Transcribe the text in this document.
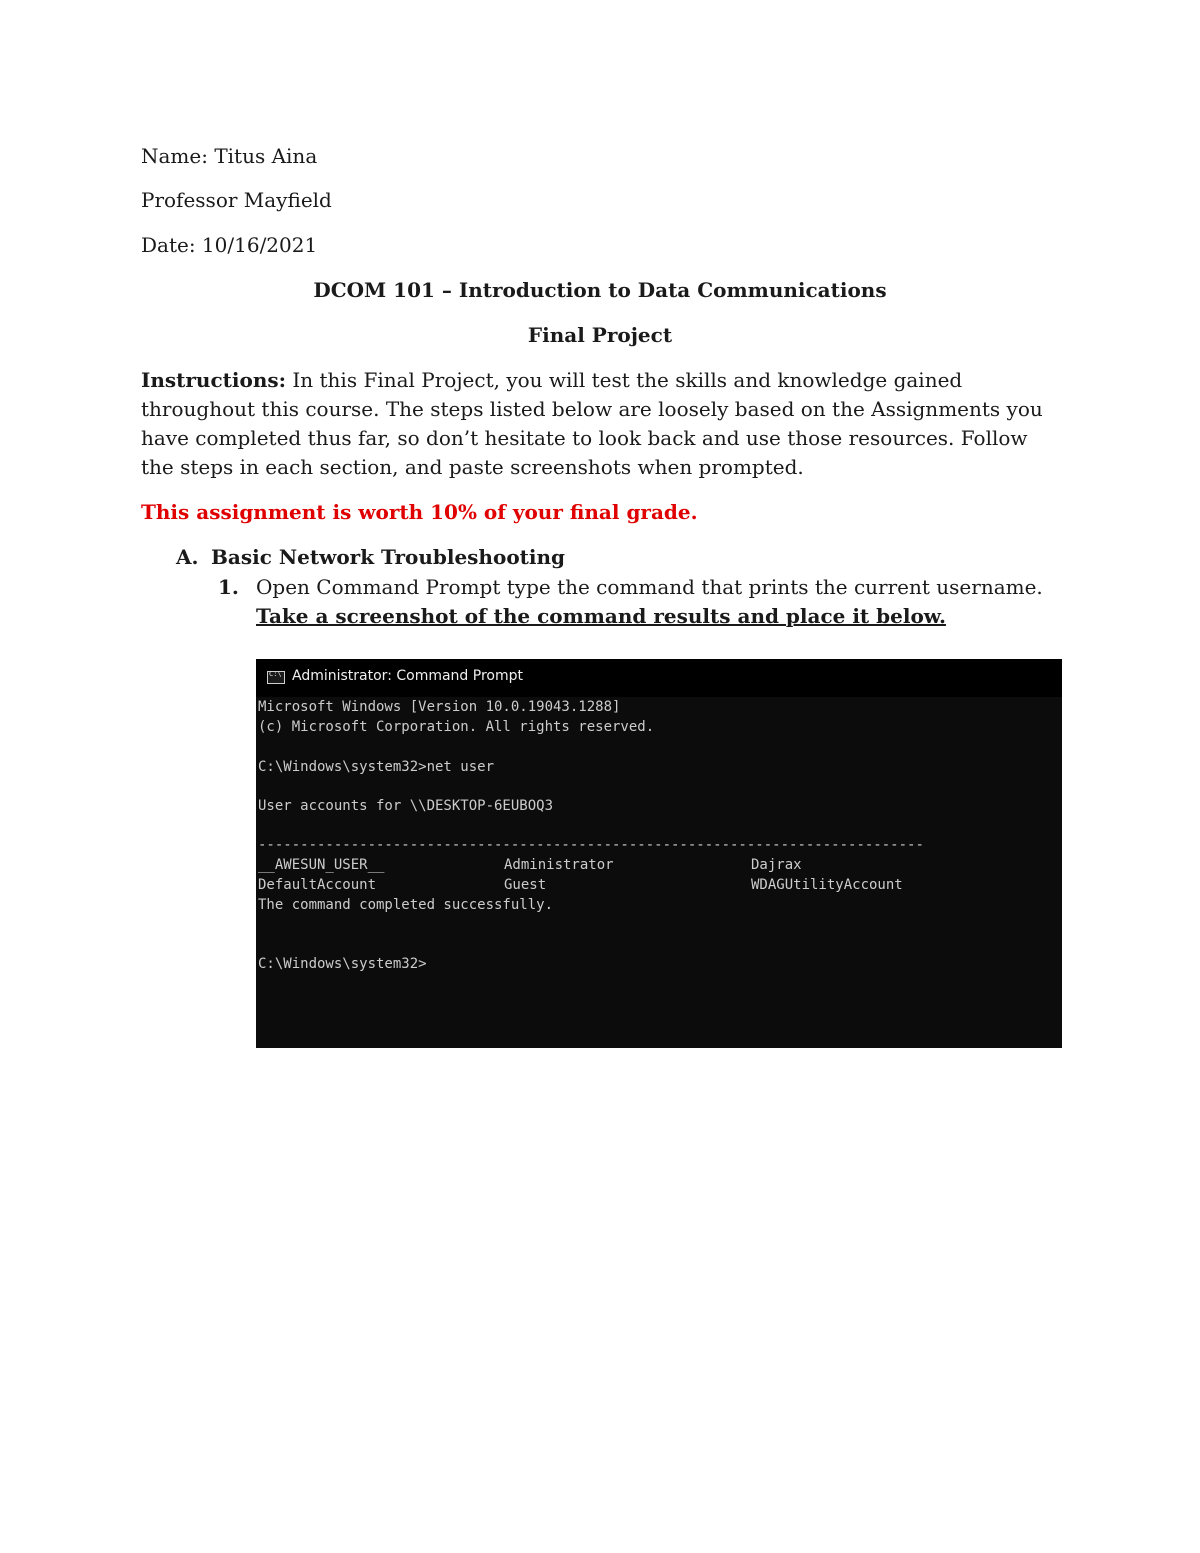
Name: Titus Aina
Professor Mayfield
Date: 10/16/2021
DCOM 101 – Introduction to Data Communications
Final Project
Instructions: In this Final Project, you will test the skills and knowledge gained throughout this course. The steps listed below are loosely based on the Assignments you have completed thus far, so don’t hesitate to look back and use those resources. Follow the steps in each section, and paste screenshots when prompted.
This assignment is worth 10% of your final grade.
A. Basic Network Troubleshooting
1. Open Command Prompt type the command that prints the current username. Take a screenshot of the command results and place it below.
C:\
Administrator: Command Prompt
Microsoft Windows [Version 10.0.19043.1288]
(c) Microsoft Corporation. All rights reserved.
C:\Windows\system32>net user
User accounts for \\DESKTOP-6EUBOQ3
-------------------------------------------------------------------------------
__AWESUN_USER__	Administrator	Dajrax
DefaultAccount	Guest	WDAGUtilityAccount
The command completed successfully.
C:\Windows\system32>
